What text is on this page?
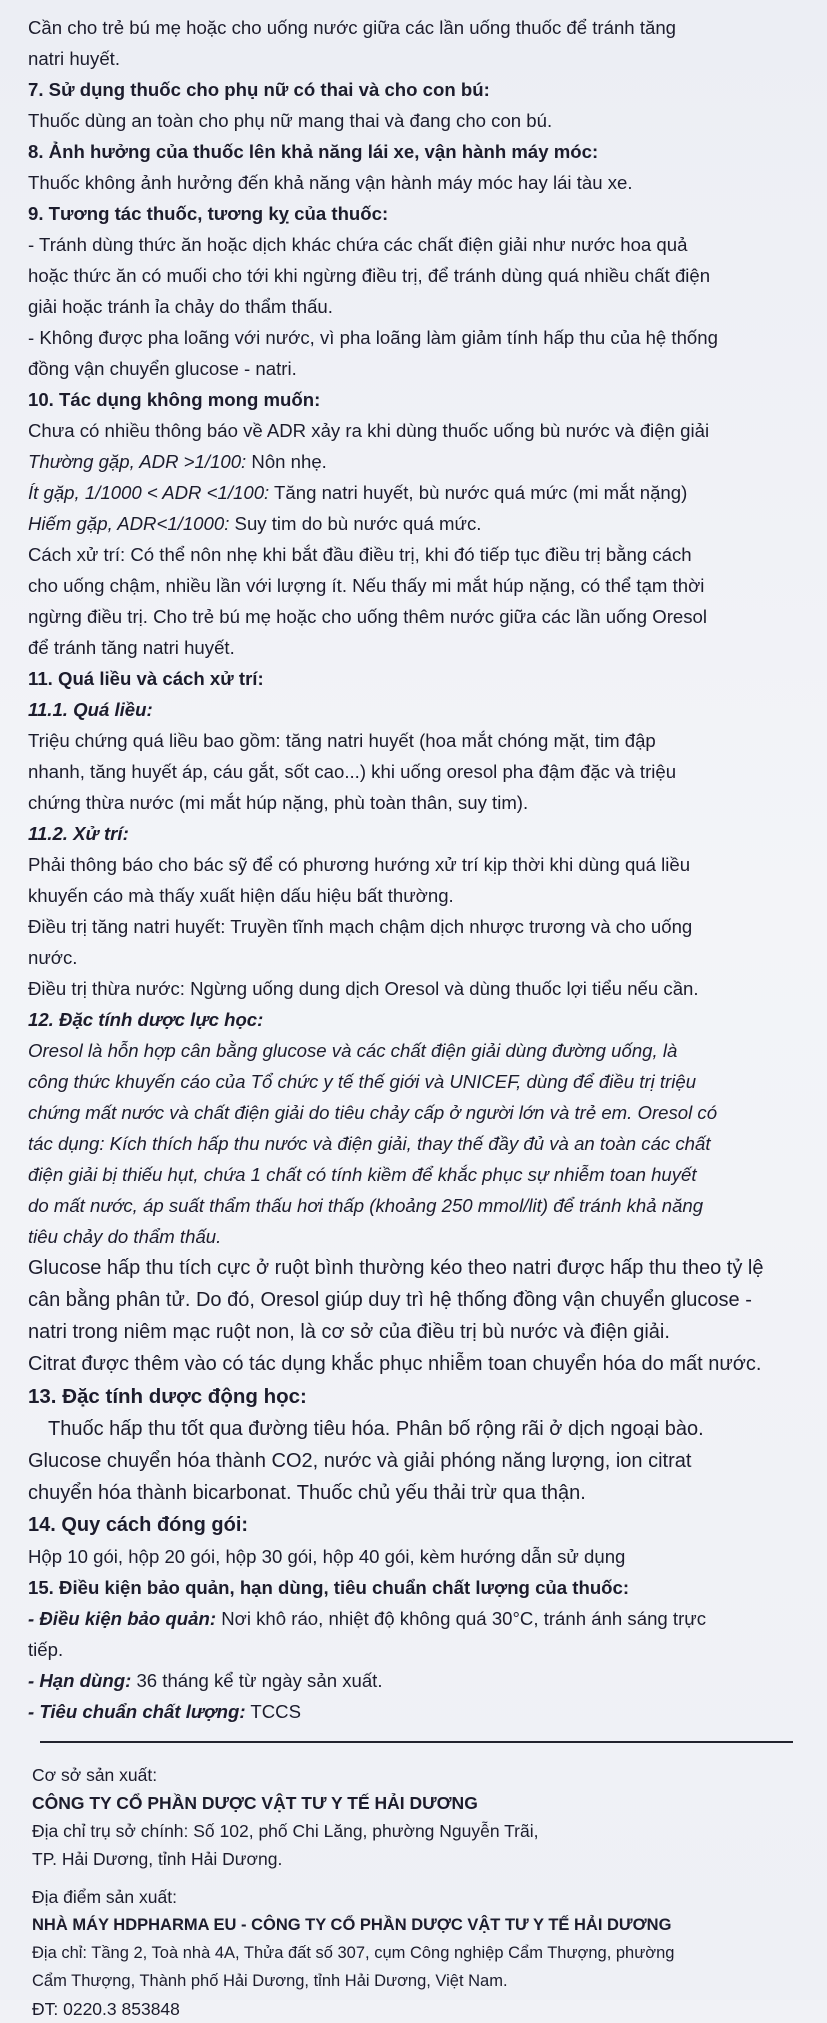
Cần cho trẻ bú mẹ hoặc cho uống nước giữa các lần uống thuốc để tránh tăng

natri huyết.

7. Sử dụng thuốc cho phụ nữ có thai và cho con bú:

Thuốc dùng an toàn cho phụ nữ mang thai và đang cho con bú.

8. Ảnh hưởng của thuốc lên khả năng lái xe, vận hành máy móc:

Thuốc không ảnh hưởng đến khả năng vận hành máy móc hay lái tàu xe.

9. Tương tác thuốc, tương kỵ của thuốc:

- Tránh dùng thức ăn hoặc dịch khác chứa các chất điện giải như nước hoa quả

hoặc thức ăn có muối cho tới khi ngừng điều trị, để tránh dùng quá nhiều chất điện

giải hoặc tránh ỉa chảy do thẩm thấu.

- Không được pha loãng với nước, vì pha loãng làm giảm tính hấp thu của hệ thống

đồng vận chuyển glucose - natri.

10. Tác dụng không mong muốn:

Chưa có nhiều thông báo về ADR xảy ra khi dùng thuốc uống bù nước và điện giải

Thường gặp, ADR >1/100: Nôn nhẹ.

Ít gặp, 1/1000 < ADR <1/100: Tăng natri huyết, bù nước quá mức (mi mắt nặng)

Hiếm gặp, ADR<1/1000: Suy tim do bù nước quá mức.

Cách xử trí: Có thể nôn nhẹ khi bắt đầu điều trị, khi đó tiếp tục điều trị bằng cách

cho uống chậm, nhiều lần với lượng ít. Nếu thấy mi mắt húp nặng, có thể tạm thời

ngừng điều trị. Cho trẻ bú mẹ hoặc cho uống thêm nước giữa các lần uống Oresol

để tránh tăng natri huyết.

11. Quá liều và cách xử trí:

11.1. Quá liều:

Triệu chứng quá liều bao gồm: tăng natri huyết (hoa mắt chóng mặt, tim đập

nhanh, tăng huyết áp, cáu gắt, sốt cao...) khi uống oresol pha đậm đặc và triệu

chứng thừa nước (mi mắt húp nặng, phù toàn thân, suy tim).

11.2. Xử trí:

Phải thông báo cho bác sỹ để có phương hướng xử trí kịp thời khi dùng quá liều

khuyến cáo mà thấy xuất hiện dấu hiệu bất thường.

Điều trị tăng natri huyết: Truyền tĩnh mạch chậm dịch nhược trương và cho uống

nước.

Điều trị thừa nước: Ngừng uống dung dịch Oresol và dùng thuốc lợi tiểu nếu cần.

12. Đặc tính dược lực học:

Oresol là hỗn hợp cân bằng glucose và các chất điện giải dùng đường uống, là

công thức khuyến cáo của Tổ chức y tế thế giới và UNICEF, dùng để điều trị triệu

chứng mất nước và chất điện giải do tiêu chảy cấp ở người lớn và trẻ em. Oresol có

tác dụng: Kích thích hấp thu nước và điện giải, thay thế đầy đủ và an toàn các chất

điện giải bị thiếu hụt, chứa 1 chất có tính kiềm để khắc phục sự nhiễm toan huyết

do mất nước, áp suất thẩm thấu hơi thấp (khoảng 250 mmol/lit) để tránh khả năng

tiêu chảy do thẩm thấu.

Glucose hấp thu tích cực ở ruột bình thường kéo theo natri được hấp thu theo tỷ lệ

cân bằng phân tử. Do đó, Oresol giúp duy trì hệ thống đồng vận chuyển glucose -

natri trong niêm mạc ruột non, là cơ sở của điều trị bù nước và điện giải.

Citrat được thêm vào có tác dụng khắc phục nhiễm toan chuyển hóa do mất nước.

13. Đặc tính dược động học:

Thuốc hấp thu tốt qua đường tiêu hóa. Phân bố rộng rãi ở dịch ngoại bào.

Glucose chuyển hóa thành CO2, nước và giải phóng năng lượng, ion citrat

chuyển hóa thành bicarbonat. Thuốc chủ yếu thải trừ qua thận.

14. Quy cách đóng gói:

Hộp 10 gói, hộp 20 gói, hộp 30 gói, hộp 40 gói, kèm hướng dẫn sử dụng

15. Điều kiện bảo quản, hạn dùng, tiêu chuẩn chất lượng của thuốc:

- Điều kiện bảo quản: Nơi khô ráo, nhiệt độ không quá 30°C, tránh ánh sáng trực

tiếp.

- Hạn dùng: 36 tháng kể từ ngày sản xuất.

- Tiêu chuẩn chất lượng: TCCS

Cơ sở sản xuất:

CÔNG TY CỔ PHẦN DƯỢC VẬT TƯ Y TẾ HẢI DƯƠNG

Địa chỉ trụ sở chính: Số 102, phố Chi Lăng, phường Nguyễn Trãi,

TP. Hải Dương, tỉnh Hải Dương.

Địa điểm sản xuất:

NHÀ MÁY HDPHARMA EU - CÔNG TY CỔ PHẦN DƯỢC VẬT TƯ Y TẾ HẢI DƯƠNG

Địa chỉ: Tầng 2, Toà nhà 4A, Thửa đất số 307, cụm Công nghiệp Cẩm Thượng, phường

Cẩm Thượng, Thành phố Hải Dương, tỉnh Hải Dương, Việt Nam.

ĐT: 0220.3 853848
